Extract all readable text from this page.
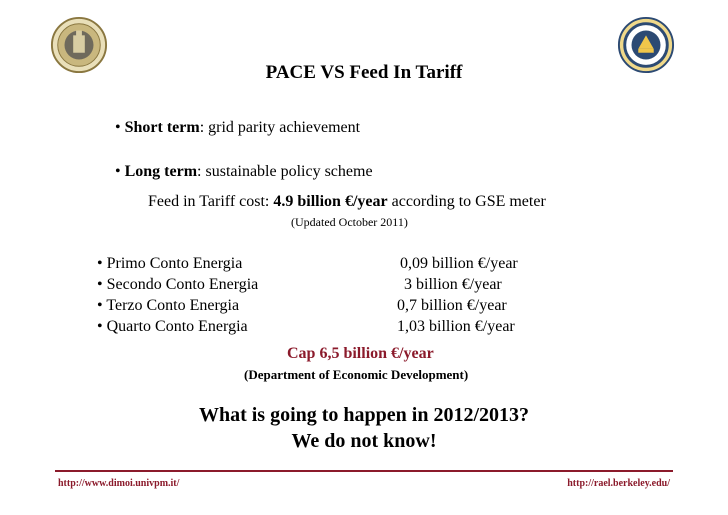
PACE VS Feed In Tariff
• Short term: grid parity achievement
• Long term: sustainable policy scheme
Feed in Tariff cost: 4.9 billion €/year according to GSE meter
(Updated October 2011)
• Primo Conto Energia
• Secondo Conto Energia
• Terzo Conto Energia
• Quarto Conto Energia
0,09 billion €/year
3 billion €/year
0,7 billion €/year
1,03 billion €/year
Cap 6,5 billion €/year
(Department of Economic Development)
What is going to happen in 2012/2013?
We do not know!
http://www.dimoi.univpm.it/	http://rael.berkeley.edu/
